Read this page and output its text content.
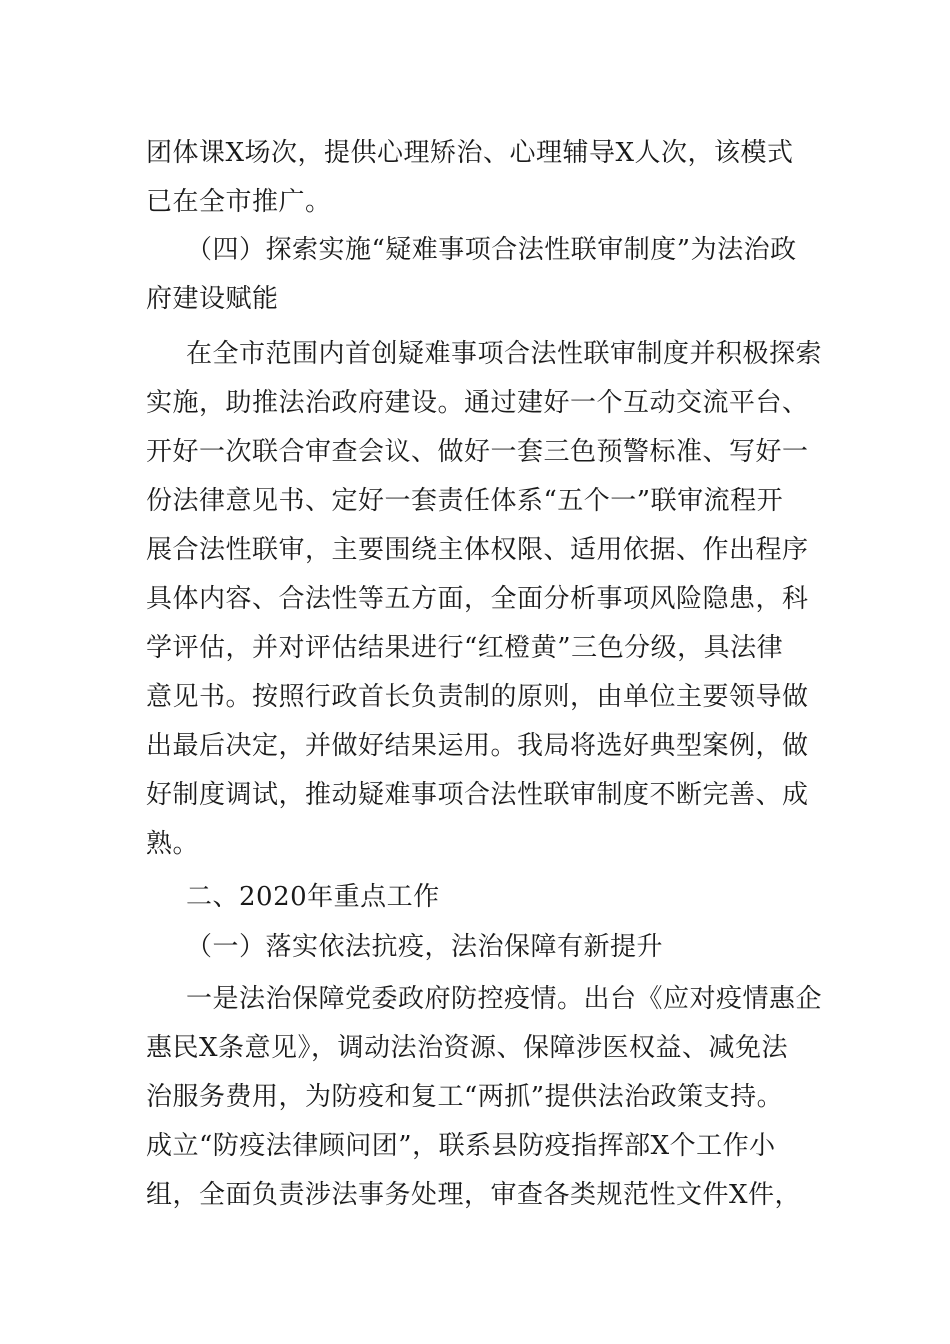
团体课X场次，提供心理矫治、心理辅导X人次，该模式
已在全市推广。
（四）探索实施“疑难事项合法性联审制度”为法治政
府建设赋能
在全市范围内首创疑难事项合法性联审制度并积极探索
实施，助推法治政府建设。通过建好一个互动交流平台、
开好一次联合审查会议、做好一套三色预警标准、写好一
份法律意见书、定好一套责任体系“五个一”联审流程开
展合法性联审，主要围绕主体权限、适用依据、作出程序
具体内容、合法性等五方面，全面分析事项风险隐患，科
学评估，并对评估结果进行“红橙黄”三色分级，具法律
意见书。按照行政首长负责制的原则，由单位主要领导做
出最后决定，并做好结果运用。我局将选好典型案例，做
好制度调试，推动疑难事项合法性联审制度不断完善、成
熟。
二、2020年重点工作
（一）落实依法抗疫，法治保障有新提升
一是法治保障党委政府防控疫情。出台《应对疫情惠企
惠民X条意见》，调动法治资源、保障涉医权益、减免法
治服务费用，为防疫和复工“两抓”提供法治政策支持。
成立“防疫法律顾问团”，联系县防疫指挥部X个工作小
组，全面负责涉法事务处理，审查各类规范性文件X件，
